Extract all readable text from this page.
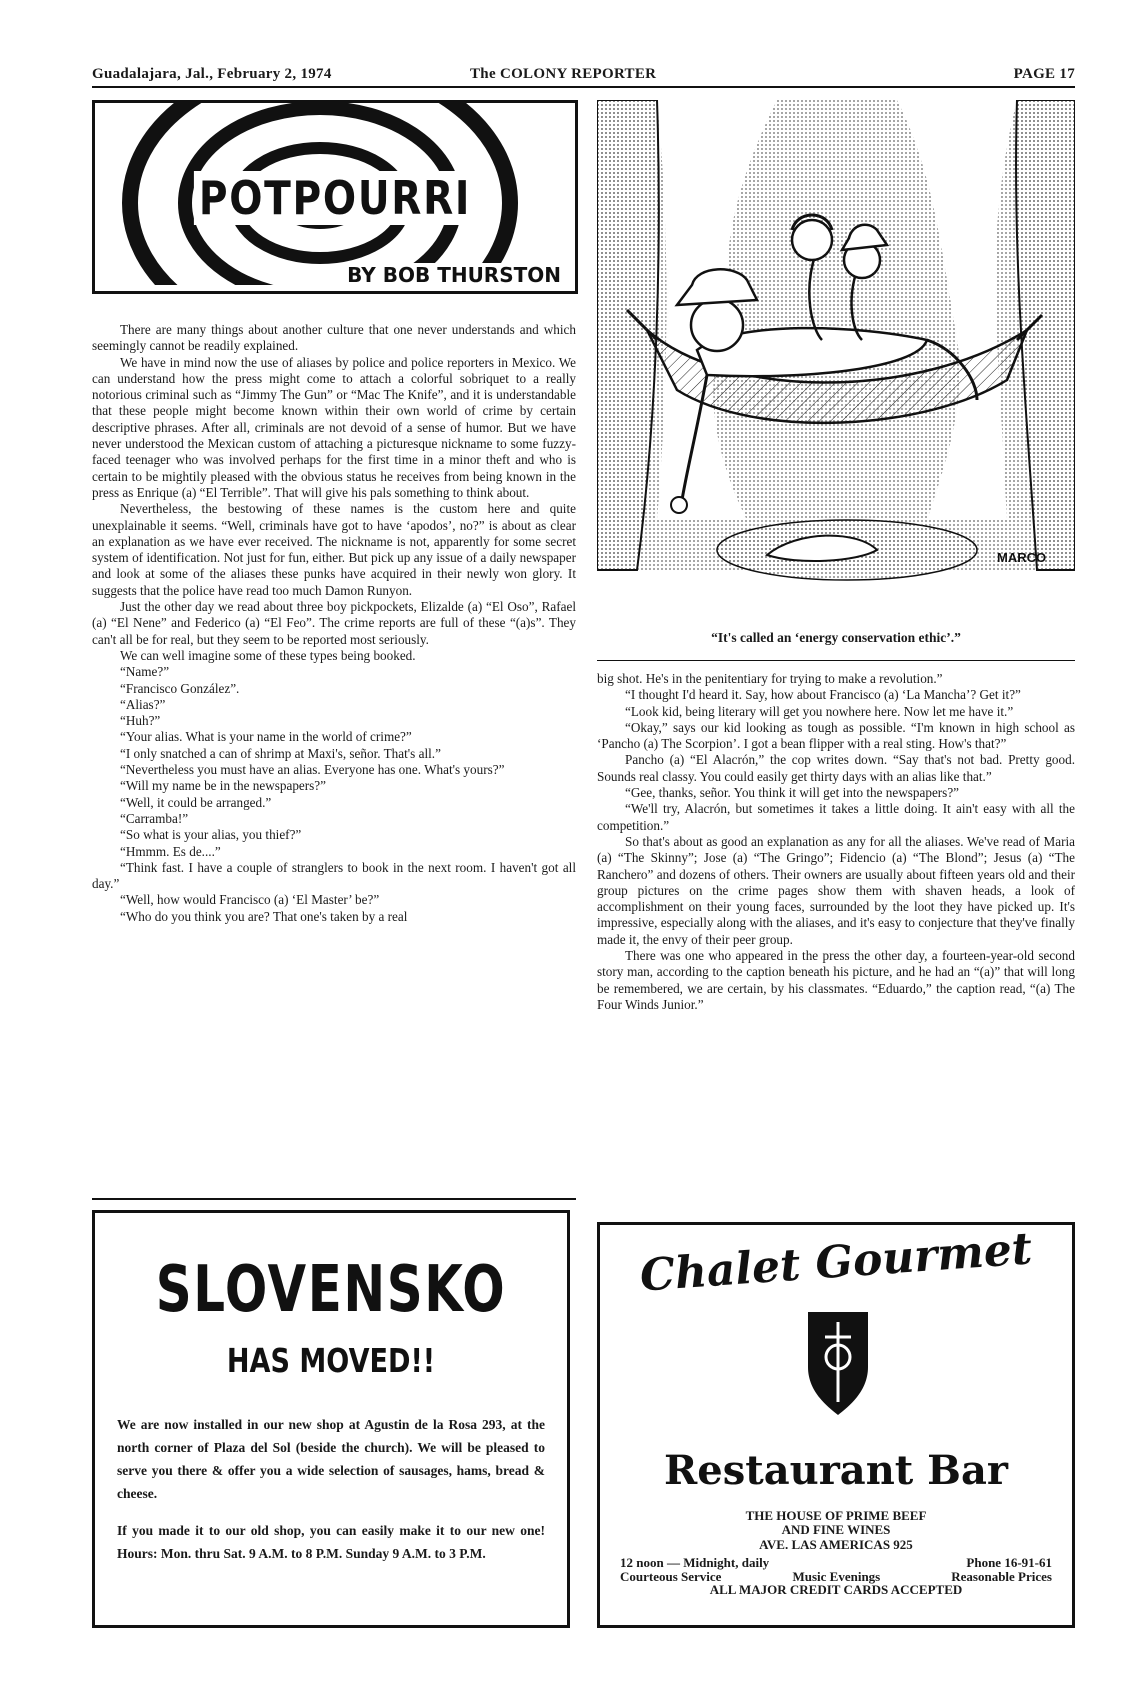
Guadalajara, Jal., February 2, 1974	The COLONY REPORTER	PAGE 17
POTPOURRI
BY BOB THURSTON

There are many things about another culture that one never understands and which seemingly cannot be readily explained.

We have in mind now the use of aliases by police and police reporters in Mexico. We can understand how the press might come to attach a colorful sobriquet to a really notorious criminal such as “Jimmy The Gun” or “Mac The Knife”, and it is understandable that these people might become known within their own world of crime by certain descriptive phrases. After all, criminals are not devoid of a sense of humor. But we have never understood the Mexican custom of attaching a picturesque nickname to some fuzzy-faced teenager who was involved perhaps for the first time in a minor theft and who is certain to be mightily pleased with the obvious status he receives from being known in the press as Enrique (a) “El Terrible”. That will give his pals something to think about.

Nevertheless, the bestowing of these names is the custom here and quite unexplainable it seems. “Well, criminals have got to have ‘apodos’, no?” is about as clear an explanation as we have ever received. The nickname is not, apparently for some secret system of identification. Not just for fun, either. But pick up any issue of a daily newspaper and look at some of the aliases these punks have acquired in their newly won glory. It suggests that the police have read too much Damon Runyon.

Just the other day we read about three boy pickpockets, Elizalde (a) “El Oso”, Rafael (a) “El Nene” and Federico (a) “El Feo”. The crime reports are full of these “(a)s”. They can't all be for real, but they seem to be reported most seriously.

We can well imagine some of these types being booked.

“Name?”

“Francisco González”.

“Alias?”

“Huh?”

“Your alias. What is your name in the world of crime?”

“I only snatched a can of shrimp at Maxi's, señor. That's all.”

“Nevertheless you must have an alias. Everyone has one. What's yours?”

“Will my name be in the newspapers?”

“Well, it could be arranged.”

“Carramba!”

“So what is your alias, you thief?”

“Hmmm. Es de....”

“Think fast. I have a couple of stranglers to book in the next room. I haven't got all day.”

“Well, how would Francisco (a) ‘El Master’ be?”

“Who do you think you are? That one's taken by a real

MARCO
“It's called an ‘energy conservation ethic’.”

big shot. He's in the penitentiary for trying to make a revolution.”

“I thought I'd heard it. Say, how about Francisco (a) ‘La Mancha’? Get it?”

“Look kid, being literary will get you nowhere here. Now let me have it.”

“Okay,” says our kid looking as tough as possible. “I'm known in high school as ‘Pancho (a) The Scorpion’. I got a bean flipper with a real sting. How's that?”

Pancho (a) “El Alacrón,” the cop writes down. “Say that's not bad. Pretty good. Sounds real classy. You could easily get thirty days with an alias like that.”

“Gee, thanks, señor. You think it will get into the newspapers?”

“We'll try, Alacrón, but sometimes it takes a little doing. It ain't easy with all the competition.”

So that's about as good an explanation as any for all the aliases. We've read of Maria (a) “The Skinny”; Jose (a) “The Gringo”; Fidencio (a) “The Blond”; Jesus (a) “The Ranchero” and dozens of others. Their owners are usually about fifteen years old and their group pictures on the crime pages show them with shaven heads, a look of accomplishment on their young faces, surrounded by the loot they have picked up. It's impressive, especially along with the aliases, and it's easy to conjecture that they've finally made it, the envy of their peer group.

There was one who appeared in the press the other day, a fourteen-year-old second story man, according to the caption beneath his picture, and he had an “(a)” that will long be remembered, we are certain, by his classmates. “Eduardo,” the caption read, “(a) The Four Winds Junior.”

SLOVENSKO
HAS MOVED!!

We are now installed in our new shop at Agustin de la Rosa 293, at the north corner of Plaza del Sol (beside the church). We will be pleased to serve you there & offer you a wide selection of sausages, hams, bread & cheese.

If you made it to our old shop, you can easily make it to our new one! Hours: Mon. thru Sat. 9 A.M. to 8 P.M. Sunday 9 A.M. to 3 P.M.

Chalet Gourmet
Restaurant Bar
THE HOUSE OF PRIME BEEF
AND FINE WINES
AVE. LAS AMERICAS 925
12 noon — Midnight, daily	Phone 16-91-61
Courteous Service	Music Evenings	Reasonable Prices
ALL MAJOR CREDIT CARDS ACCEPTED
